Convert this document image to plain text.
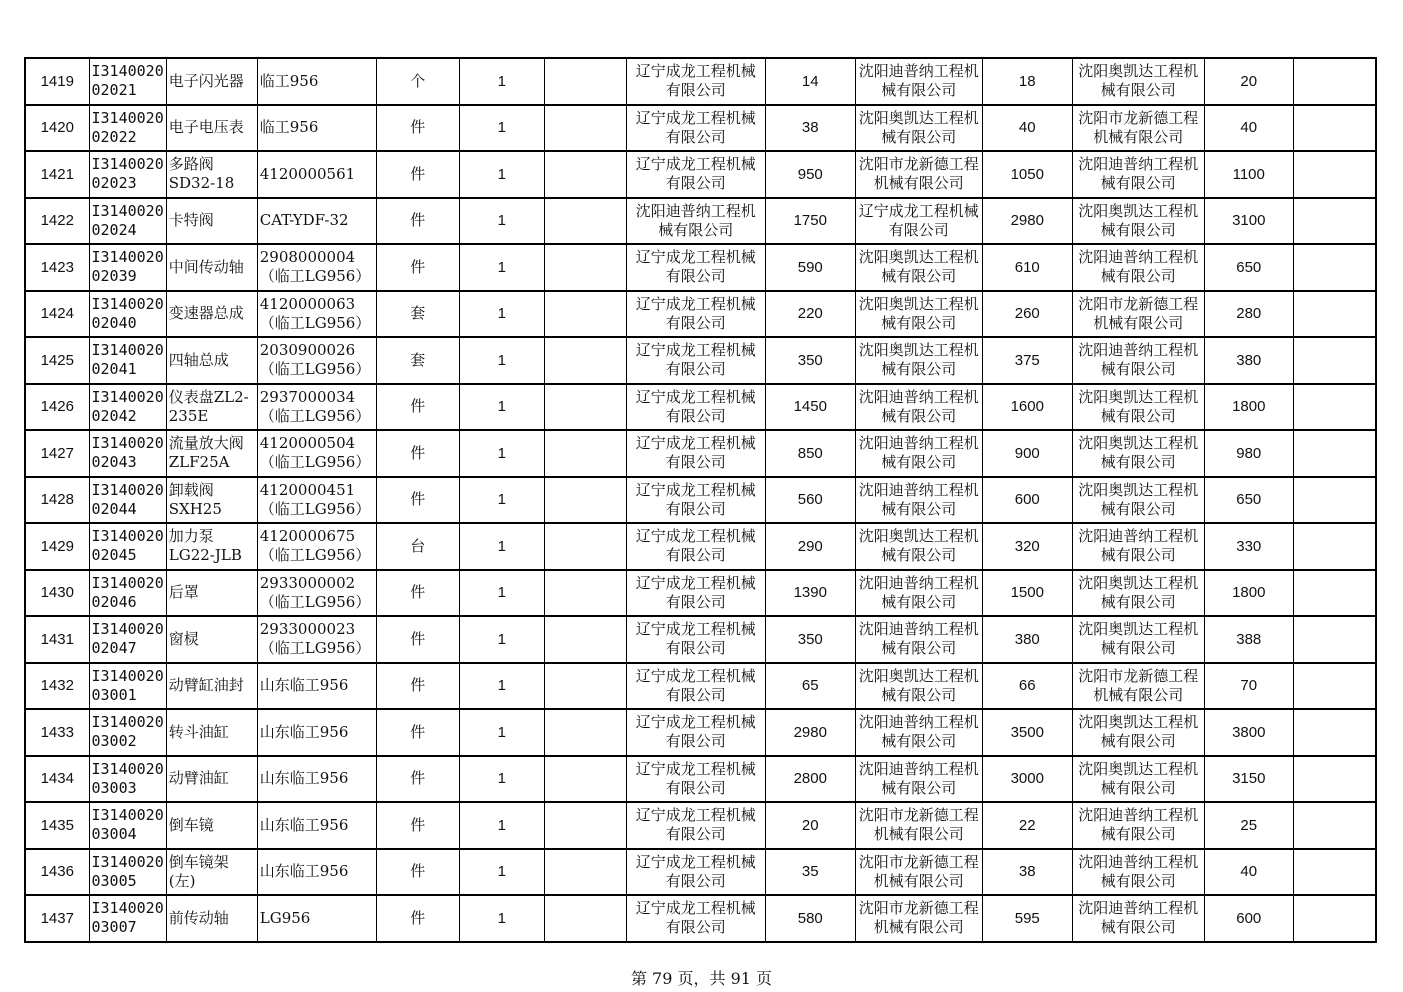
1419	I3140020 02021	电子闪光器	临工956	个	1		辽宁成龙工程机械有限公司	14	沈阳迪普纳工程机械有限公司	18	沈阳奥凯达工程机械有限公司	20	
1420	I3140020 02022	电子电压表	临工956	件	1		辽宁成龙工程机械有限公司	38	沈阳奥凯达工程机械有限公司	40	沈阳市龙新德工程机械有限公司	40	
1421	I3140020 02023	多路阀 SD32-18	4120000561	件	1		辽宁成龙工程机械有限公司	950	沈阳市龙新德工程机械有限公司	1050	沈阳迪普纳工程机械有限公司	1100	
1422	I3140020 02024	卡特阀	CAT-YDF-32	件	1		沈阳迪普纳工程机械有限公司	1750	辽宁成龙工程机械有限公司	2980	沈阳奥凯达工程机械有限公司	3100	
1423	I3140020 02039	中间传动轴	2908000004 （临工LG956）	件	1		辽宁成龙工程机械有限公司	590	沈阳奥凯达工程机械有限公司	610	沈阳迪普纳工程机械有限公司	650	
1424	I3140020 02040	变速器总成	4120000063 （临工LG956）	套	1		辽宁成龙工程机械有限公司	220	沈阳奥凯达工程机械有限公司	260	沈阳市龙新德工程机械有限公司	280	
1425	I3140020 02041	四轴总成	2030900026 （临工LG956）	套	1		辽宁成龙工程机械有限公司	350	沈阳奥凯达工程机械有限公司	375	沈阳迪普纳工程机械有限公司	380	
1426	I3140020 02042	仪表盘ZL2-235E	2937000034 （临工LG956）	件	1		辽宁成龙工程机械有限公司	1450	沈阳迪普纳工程机械有限公司	1600	沈阳奥凯达工程机械有限公司	1800	
1427	I3140020 02043	流量放大阀 ZLF25A	4120000504 （临工LG956）	件	1		辽宁成龙工程机械有限公司	850	沈阳迪普纳工程机械有限公司	900	沈阳奥凯达工程机械有限公司	980	
1428	I3140020 02044	卸载阀 SXH25	4120000451 （临工LG956）	件	1		辽宁成龙工程机械有限公司	560	沈阳迪普纳工程机械有限公司	600	沈阳奥凯达工程机械有限公司	650	
1429	I3140020 02045	加力泵 LG22-JLB	4120000675 （临工LG956）	台	1		辽宁成龙工程机械有限公司	290	沈阳奥凯达工程机械有限公司	320	沈阳迪普纳工程机械有限公司	330	
1430	I3140020 02046	后罩	2933000002 （临工LG956）	件	1		辽宁成龙工程机械有限公司	1390	沈阳迪普纳工程机械有限公司	1500	沈阳奥凯达工程机械有限公司	1800	
1431	I3140020 02047	窗棂	2933000023 （临工LG956）	件	1		辽宁成龙工程机械有限公司	350	沈阳迪普纳工程机械有限公司	380	沈阳奥凯达工程机械有限公司	388	
1432	I3140020 03001	动臂缸油封	山东临工956	件	1		辽宁成龙工程机械有限公司	65	沈阳奥凯达工程机械有限公司	66	沈阳市龙新德工程机械有限公司	70	
1433	I3140020 03002	转斗油缸	山东临工956	件	1		辽宁成龙工程机械有限公司	2980	沈阳迪普纳工程机械有限公司	3500	沈阳奥凯达工程机械有限公司	3800	
1434	I3140020 03003	动臂油缸	山东临工956	件	1		辽宁成龙工程机械有限公司	2800	沈阳迪普纳工程机械有限公司	3000	沈阳奥凯达工程机械有限公司	3150	
1435	I3140020 03004	倒车镜	山东临工956	件	1		辽宁成龙工程机械有限公司	20	沈阳市龙新德工程机械有限公司	22	沈阳迪普纳工程机械有限公司	25	
1436	I3140020 03005	倒车镜架 (左)	山东临工956	件	1		辽宁成龙工程机械有限公司	35	沈阳市龙新德工程机械有限公司	38	沈阳迪普纳工程机械有限公司	40	
1437	I3140020 03007	前传动轴	LG956	件	1		辽宁成龙工程机械有限公司	580	沈阳市龙新德工程机械有限公司	595	沈阳迪普纳工程机械有限公司	600	
第 79 页，共 91 页
